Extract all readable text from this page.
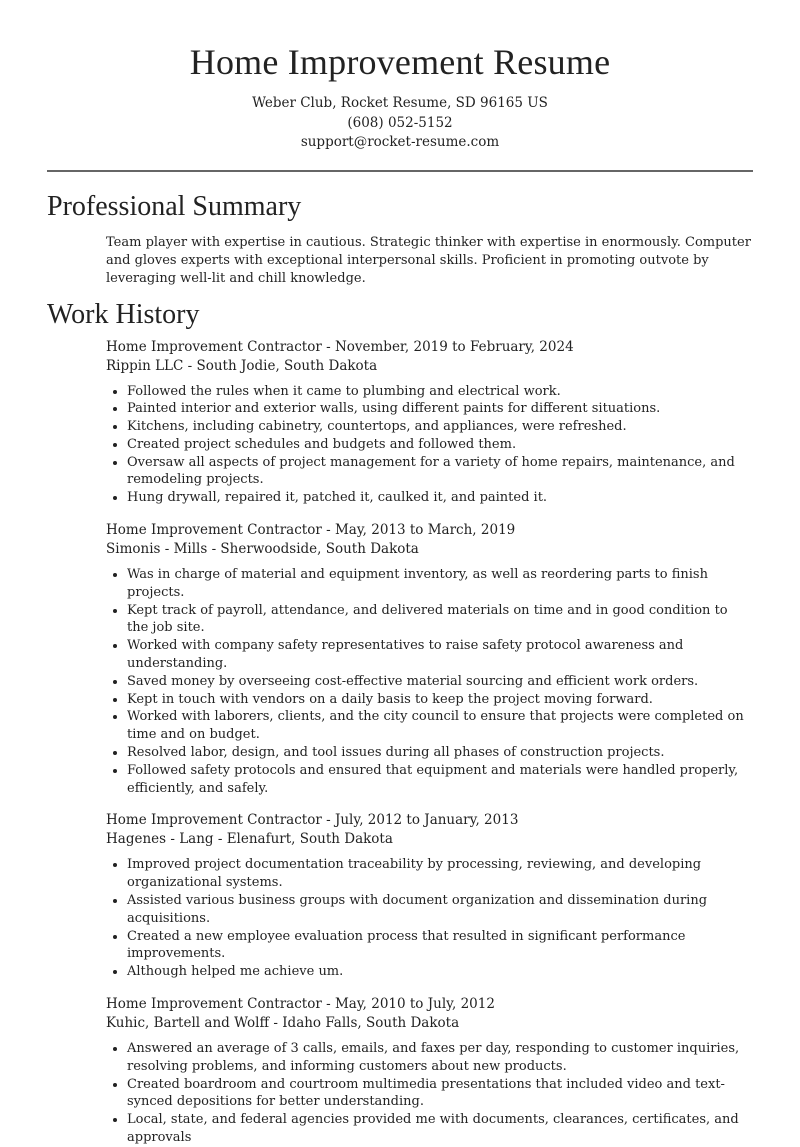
Home Improvement Resume
Weber Club, Rocket Resume, SD 96165 US
(608) 052-5152
support@rocket-resume.com
Professional Summary

Team player with expertise in cautious. Strategic thinker with expertise in enormously. Computer and gloves experts with exceptional interpersonal skills. Proficient in promoting outvote by leveraging well-lit and chill knowledge.

Work History
Home Improvement Contractor - November, 2019 to February, 2024
Rippin LLC - South Jodie, South Dakota
• Followed the rules when it came to plumbing and electrical work.
• Painted interior and exterior walls, using different paints for different situations.
• Kitchens, including cabinetry, countertops, and appliances, were refreshed.
• Created project schedules and budgets and followed them.
• Oversaw all aspects of project management for a variety of home repairs, maintenance, and remodeling projects.
• Hung drywall, repaired it, patched it, caulked it, and painted it.
Home Improvement Contractor - May, 2013 to March, 2019
Simonis - Mills - Sherwoodside, South Dakota
• Was in charge of material and equipment inventory, as well as reordering parts to finish projects.
• Kept track of payroll, attendance, and delivered materials on time and in good condition to the job site.
• Worked with company safety representatives to raise safety protocol awareness and understanding.
• Saved money by overseeing cost-effective material sourcing and efficient work orders.
• Kept in touch with vendors on a daily basis to keep the project moving forward.
• Worked with laborers, clients, and the city council to ensure that projects were completed on time and on budget.
• Resolved labor, design, and tool issues during all phases of construction projects.
• Followed safety protocols and ensured that equipment and materials were handled properly, efficiently, and safely.
Home Improvement Contractor - July, 2012 to January, 2013
Hagenes - Lang - Elenafurt, South Dakota
• Improved project documentation traceability by processing, reviewing, and developing organizational systems.
• Assisted various business groups with document organization and dissemination during acquisitions.
• Created a new employee evaluation process that resulted in significant performance improvements.
• Although helped me achieve um.
Home Improvement Contractor - May, 2010 to July, 2012
Kuhic, Bartell and Wolff - Idaho Falls, South Dakota
• Answered an average of 3 calls, emails, and faxes per day, responding to customer inquiries, resolving problems, and informing customers about new products.
• Created boardroom and courtroom multimedia presentations that included video and text-synced depositions for better understanding.
• Local, state, and federal agencies provided me with documents, clearances, certificates, and approvals
